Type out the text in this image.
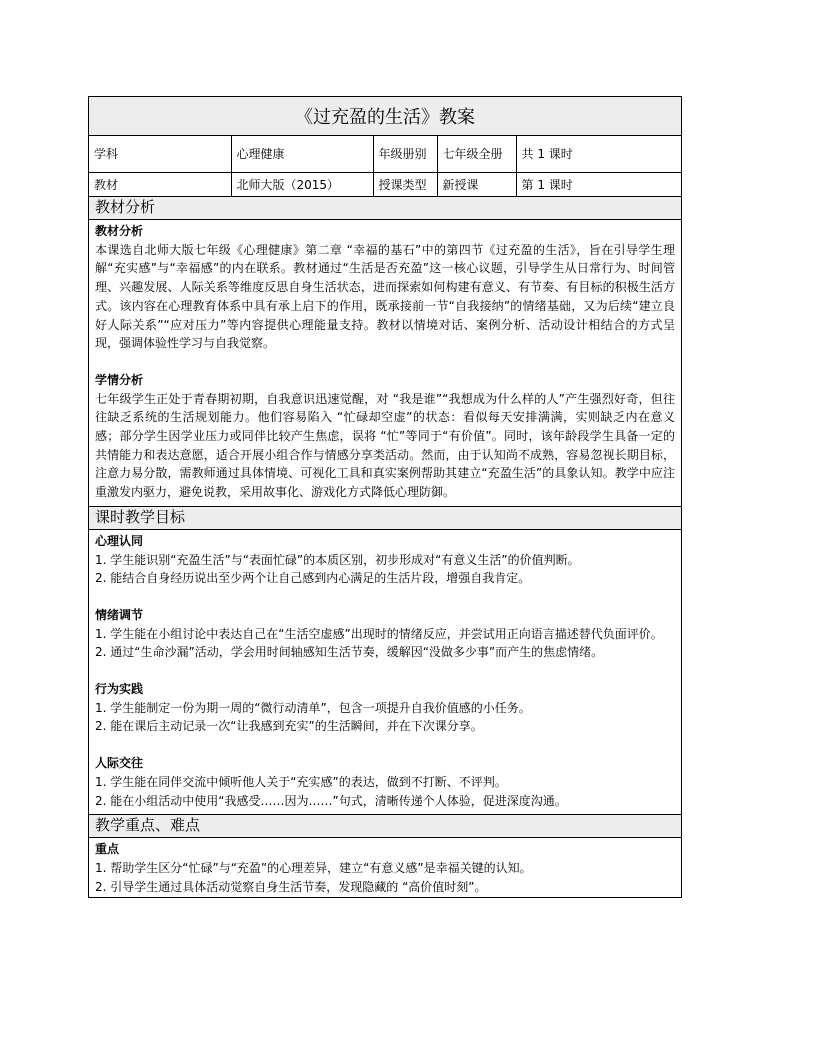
《过充盈的生活》教案
学科	心理健康	年级册别	七年级全册	共 1 课时
教材	北师大版（2015）	授课类型	新授课	第 1 课时
教材分析
教材分析
本课选自北师大版七年级《心理健康》第二章 “幸福的基石”中的第四节《过充盈的生活》，旨在引导学生理解“充实感”与“幸福感”的内在联系。教材通过“生活是否充盈”这一核心议题，引导学生从日常行为、时间管理、兴趣发展、人际关系等维度反思自身生活状态，进而探索如何构建有意义、有节奏、有目标的积极生活方式。该内容在心理教育体系中具有承上启下的作用，既承接前一节“自我接纳”的情绪基础，又为后续“建立良好人际关系”“应对压力”等内容提供心理能量支持。教材以情境对话、案例分析、活动设计相结合的方式呈现，强调体验性学习与自我觉察。
学情分析
七年级学生正处于青春期初期，自我意识迅速觉醒，对 “我是谁”“我想成为什么样的人”产生强烈好奇，但往往缺乏系统的生活规划能力。他们容易陷入 “忙碌却空虚”的状态：看似每天安排满满，实则缺乏内在意义感；部分学生因学业压力或同伴比较产生焦虑，误将 “忙”等同于“有价值”。同时，该年龄段学生具备一定的共情能力和表达意愿，适合开展小组合作与情感分享类活动。然而，由于认知尚不成熟，容易忽视长期目标，注意力易分散，需教师通过具体情境、可视化工具和真实案例帮助其建立“充盈生活”的具象认知。教学中应注重激发内驱力，避免说教，采用故事化、游戏化方式降低心理防御。
课时教学目标
心理认同

1. 学生能识别“充盈生活”与“表面忙碌”的本质区别，初步形成对“有意义生活”的价值判断。

2. 能结合自身经历说出至少两个让自己感到内心满足的生活片段，增强自我肯定。

情绪调节

1. 学生能在小组讨论中表达自己在“生活空虚感”出现时的情绪反应，并尝试用正向语言描述替代负面评价。

2. 通过“生命沙漏”活动，学会用时间轴感知生活节奏，缓解因“没做多少事”而产生的焦虑情绪。

行为实践

1. 学生能制定一份为期一周的“微行动清单”，包含一项提升自我价值感的小任务。

2. 能在课后主动记录一次“让我感到充实”的生活瞬间，并在下次课分享。

人际交往

1. 学生能在同伴交流中倾听他人关于“充实感”的表达，做到不打断、不评判。

2. 能在小组活动中使用“我感受……因为……”句式，清晰传递个人体验，促进深度沟通。

教学重点、难点
重点

1. 帮助学生区分“忙碌”与“充盈”的心理差异，建立“有意义感”是幸福关键的认知。

2. 引导学生通过具体活动觉察自身生活节奏，发现隐藏的 “高价值时刻”。
